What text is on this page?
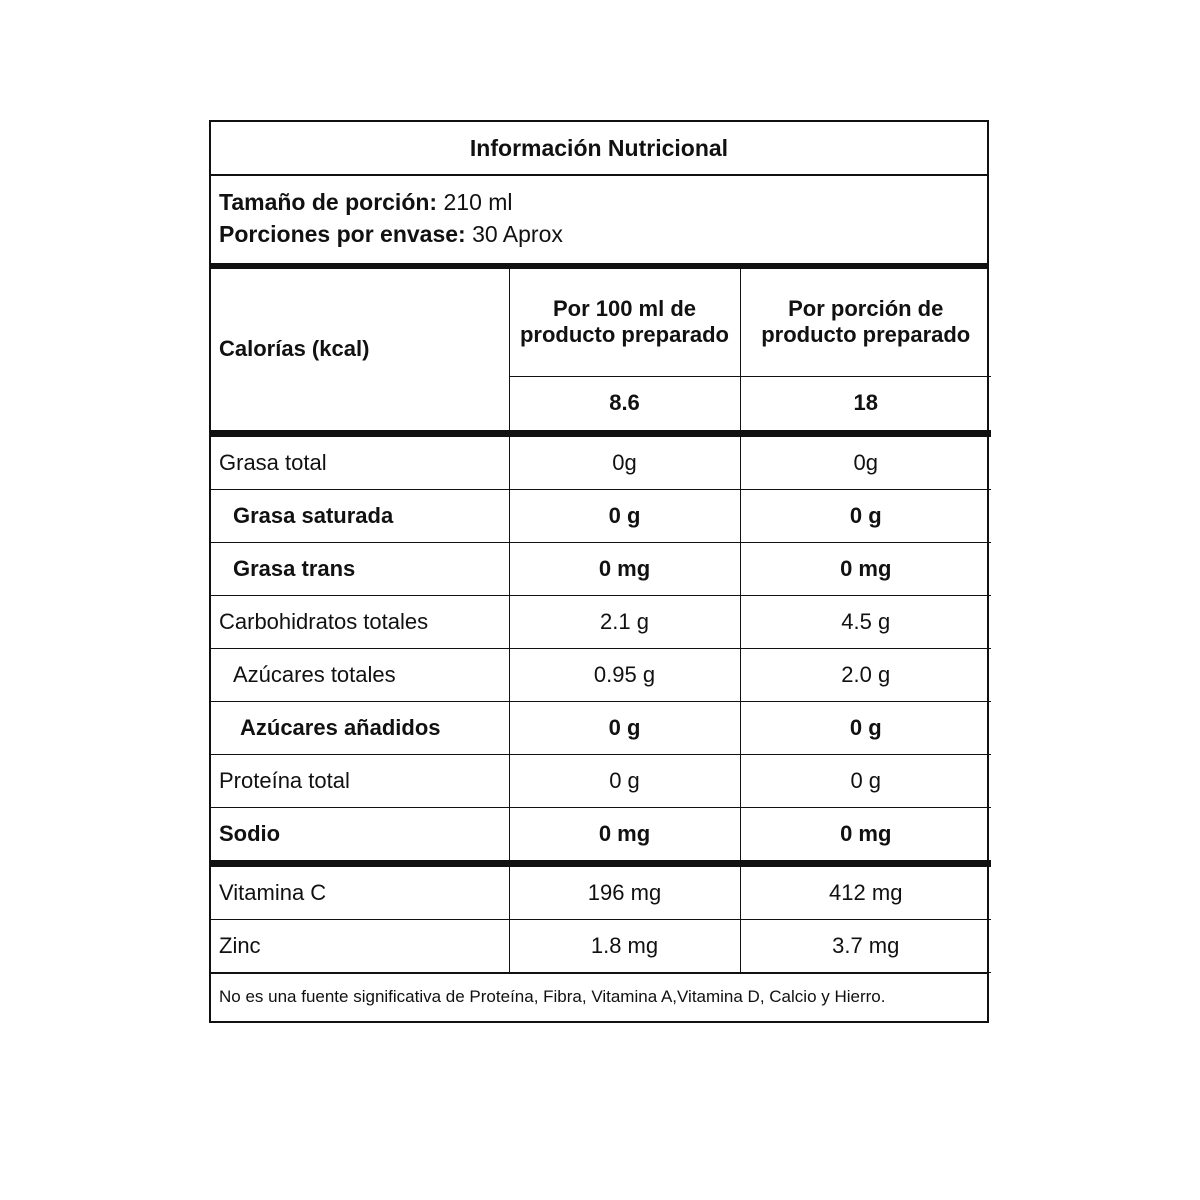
Información Nutricional
Tamaño de porción: 210 ml
Porciones por envase: 30 Aprox
Calorías (kcal)	Por 100 ml de producto preparado	Por porción de producto preparado
	8.6	18

Grasa total	0g	0g
Grasa saturada	0 g	0 g
Grasa trans	0 mg	0 mg
Carbohidratos totales	2.1 g	4.5 g
Azúcares totales	0.95 g	2.0 g
Azúcares añadidos	0 g	0 g
Proteína total	0 g	0 g
Sodio	0 mg	0 mg

Vitamina C	196 mg	412 mg
Zinc	1.8 mg	3.7 mg
No es una fuente significativa de Proteína, Fibra, Vitamina A,Vitamina D, Calcio y Hierro.
